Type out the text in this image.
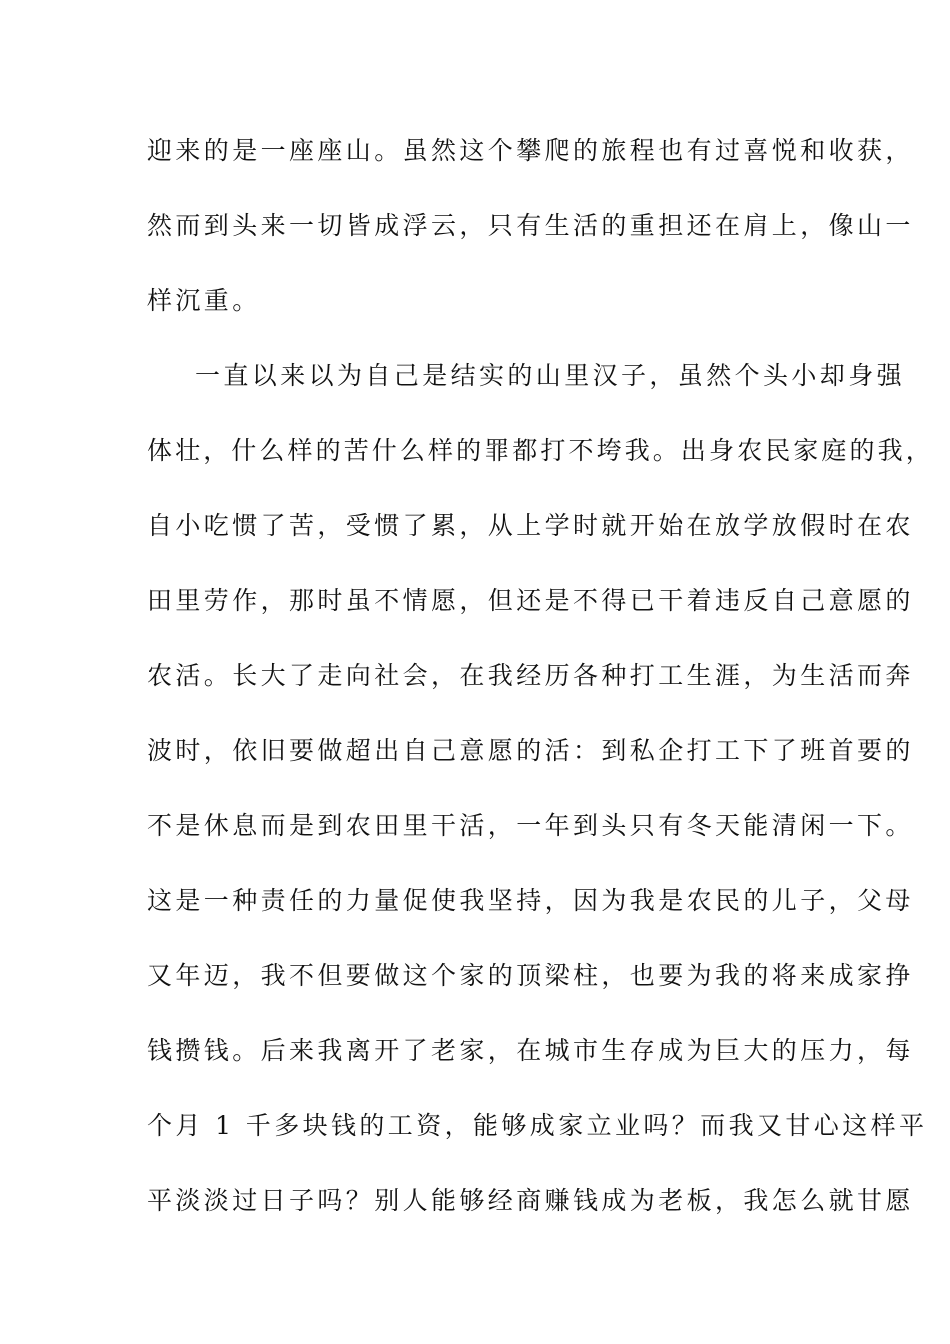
迎来的是一座座山。虽然这个攀爬的旅程也有过喜悦和收获，
然而到头来一切皆成浮云，只有生活的重担还在肩上，像山一
样沉重。
一直以来以为自己是结实的山里汉子，虽然个头小却身强
体壮，什么样的苦什么样的罪都打不垮我。出身农民家庭的我，
自小吃惯了苦，受惯了累，从上学时就开始在放学放假时在农
田里劳作，那时虽不情愿，但还是不得已干着违反自己意愿的
农活。长大了走向社会，在我经历各种打工生涯，为生活而奔
波时，依旧要做超出自己意愿的活：到私企打工下了班首要的
不是休息而是到农田里干活，一年到头只有冬天能清闲一下。
这是一种责任的力量促使我坚持，因为我是农民的儿子，父母
又年迈，我不但要做这个家的顶梁柱，也要为我的将来成家挣
钱攒钱。后来我离开了老家，在城市生存成为巨大的压力，每
个月 1 千多块钱的工资，能够成家立业吗？而我又甘心这样平
平淡淡过日子吗？别人能够经商赚钱成为老板，我怎么就甘愿
